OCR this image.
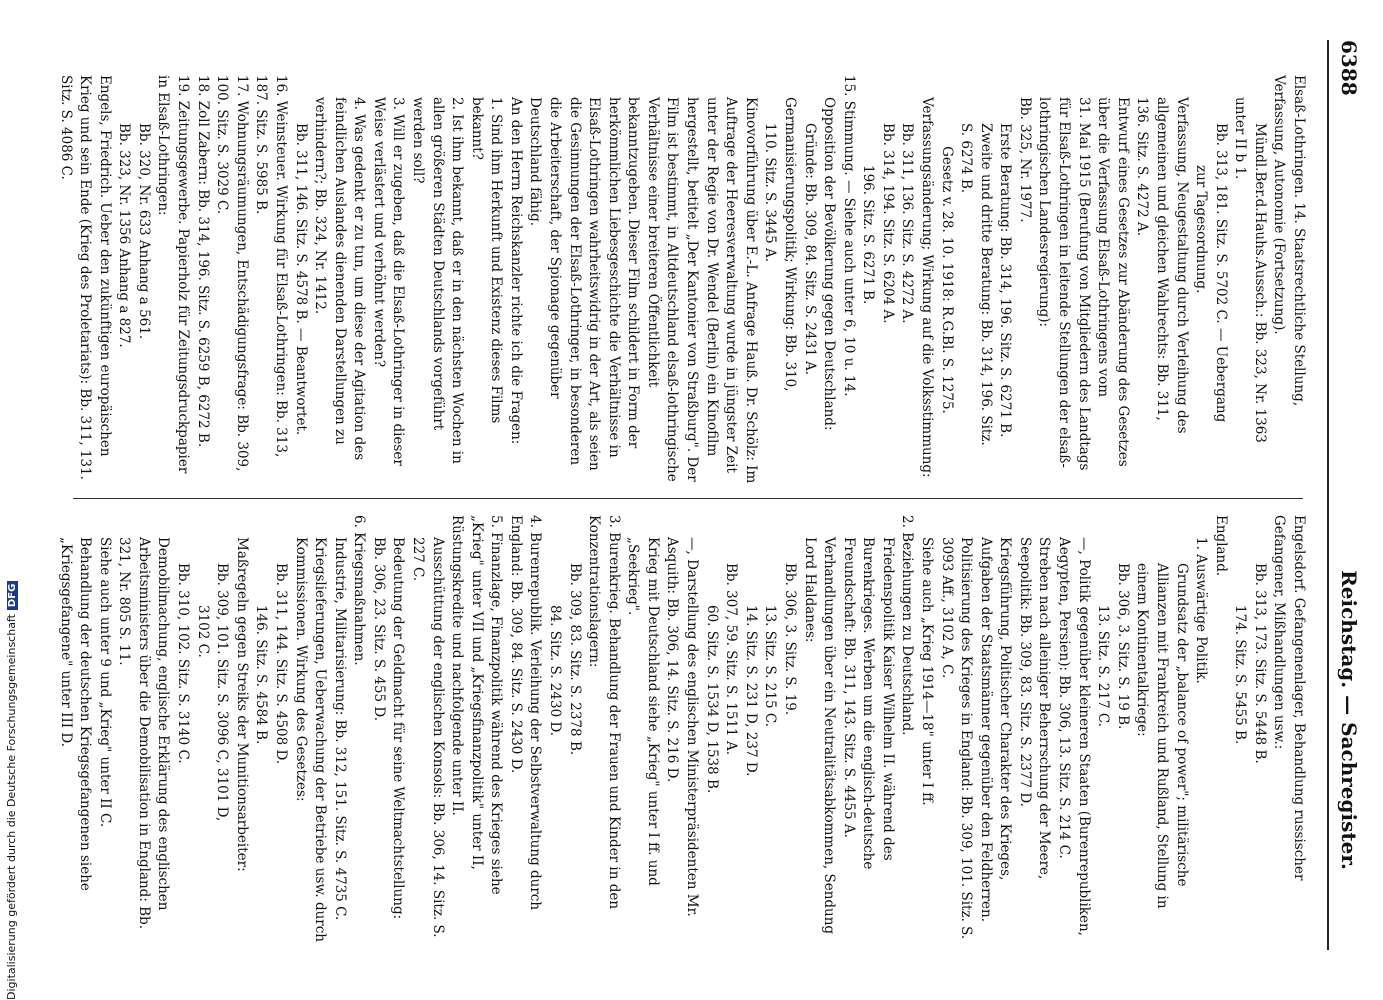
6388
Reichstag. — Sachregister.

Elsaß-Lothringen. 14. Staatsrechtliche Stellung, Verfassung, Autonomie (Fortsetzung).

Mündl.Ber.d.Hauhs.Aussch.: Bb. 323, Nr. 1363

unter II b 1.

Bb. 313, 181. Sitz. S. 5702 C. — Uebergang

zur Tagesordnung.

Verfassung, Neugestaltung durch Verleihung des allgemeinen und gleichen Wahlrechts: Bb. 311,

136. Sitz. S. 4272 A.

Entwurf eines Gesetzes zur Abänderung des Gesetzes über die Verfassung Elsaß-Lothringens vom

31. Mai 1915 (Berufung von Mitgliedern des Landtags für Elsaß-Lothringen in leitende Stellungen der elsaß-lothringischen Landesregierung):

Bb. 325, Nr. 1977.

Erste Beratung: Bb. 314, 196. Sitz. S. 6271 B.

Zweite und dritte Beratung: Bb. 314, 196. Sitz.

S. 6274 B.

Gesetz v. 28. 10. 1918: R.G.Bl. S. 1275.

Verfassungsänderung; Wirkung auf die Volksstimmung:

Bb. 311, 136. Sitz. S. 4272 A.

Bb. 314, 194. Sitz. S. 6204 A.

196. Sitz. S. 6271 B.

15. Stimmung. — Siehe auch unter 6, 10 u. 14.

Opposition der Bevölkerung gegen Deutschland:

Gründe: Bb. 309, 84. Sitz. S. 2431 A.

Germanisierungspolitik; Wirkung: Bb. 310,

110. Sitz. S. 3445 A.

Kinovorführung über E.-L. Anfrage Hauß. Dr. Schölz: Im Auftrage der Heeresverwaltung wurde in jüngster Zeit unter der Regie von Dr. Wendel (Berlin) ein Kinofilm hergestellt, betitelt „Der Kantonier von Straßburg". Der Film ist bestimmt, in Altdeutschland elsaß-lothringische Verhältnisse einer breiteren Öffentlichkeit bekanntzugeben. Dieser Film schildert in Form der herkömmlichen Liebesgeschichte die Verhältnisse in Elsaß-Lothringen wahrheitswidrig in der Art, als seien die Gesinnungen der Elsaß-Lothringer, in besonderen die Arbeiterschaft, der Spionage gegenüber Deutschland fähig.

An den Herrn Reichskanzler richte ich die Fragen:

1. Sind ihm Herkunft und Existenz dieses Films bekannt?

2. Ist ihm bekannt, daß er in den nächsten Wochen in allen größeren Städten Deutschlands vorgeführt werden soll?

3. Will er zugeben, daß die Elsaß-Lothringer in dieser Weise verlästert und verhöhnt werden?

4. Was gedenkt er zu tun, um diese der Agitation des feindlichen Auslandes dienenden Darstellungen zu verhindern?; Bb. 324, Nr. 1412.

Bb. 311, 146. Sitz. S. 4578 B. — Beantwortet.

16. Weinsteuer. Wirkung für Elsaß-Lothringen: Bb. 313, 187. Sitz. S. 5985 B.

17. Wohnungsräumungen, Entschädigungsfrage: Bb. 309, 100. Sitz. S. 3029 C.

18. Zoll Zabern: Bb. 314, 196. Sitz. S. 6259 B, 6272 B.

19. Zeitungsgewerbe. Papierholz für Zeitungsdruckpapier in Elsaß-Lothringen:

Bb. 320, Nr. 633 Anhang a 561.

Bb. 323, Nr. 1356 Anhang a 827.

Engels, Friedrich. Ueber den zukünftigen europäischen Krieg und sein Ende (Krieg des Proletariats): Bb. 311, 131. Sitz. S. 4086 C.

Engelsdorf. Gefangenenlager, Behandlung russischer Gefangener, Mißhandlungen usw.:

Bb. 313, 173. Sitz. S. 5448 B.

174. Sitz. S. 5455 B.

England.

1. Auswärtige Politik.

Grundsatz der „balance of power"; militärische Allianzen mit Frankreich und Rußland, Stellung in einem Kontinentalkriege:

Bb. 306, 3. Sitz. S. 19 B.

13. Sitz. S. 217 C.

—, Politik gegenüber kleineren Staaten (Burenrepubliken, Aegypten, Persien): Bb. 306, 13. Sitz. S. 214 C.

Streben nach alleiniger Beherrschung der Meere, Seepolitik: Bb. 309, 83. Sitz. S. 2377 D.

Kriegsführung, Politischer Charakter des Krieges, Aufgaben der Staatsmänner gegenüber den Feldherren. Politisierung des Krieges in England: Bb. 309, 101. Sitz. S. 3093 Aff., 3102 A, C.

Siehe auch „Krieg 1914—18" unter I ff.

2. Beziehungen zu Deutschland.

Friedenspolitik Kaiser Wilhelm II. während des Burenkrieges. Werben um die englisch-deutsche Freundschaft: Bb. 311, 143. Sitz. S. 4455 A.

Verhandlungen über ein Neutralitätsabkommen, Sendung Lord Haldanes:

Bb. 306, 3. Sitz. S. 19.

13. Sitz. S. 215 C.

14. Sitz. S. 231 D, 237 D.

Bb. 307, 59. Sitz. S. 1511 A.

60. Sitz. S. 1534 D, 1538 B.

—, Darstellung des englischen Ministerpräsidenten Mr. Asquith: Bb. 306, 14. Sitz. S. 216 D.

Krieg mit Deutschland siehe „Krieg" unter I ff. und „Seekrieg".

3. Burenkrieg. Behandlung der Frauen und Kinder in den Konzentrationslagern:

Bb. 309, 83. Sitz. S. 2378 B.

84. Sitz. S. 2430 D.

4. Burenrepublik. Verleihung der Selbstverwaltung durch England: Bb. 309, 84. Sitz. S. 2430 D.

5. Finanzlage, Finanzpolitik während des Krieges siehe „Krieg" unter VII und „Kriegsfinanzpolitik" unter II, Rüstungskredite und nachfolgende unter II.

Ausschüttung der englischen Konsols: Bb. 306, 14. Sitz. S. 227 C.

Bedeutung der Geldmacht für seine Weltmachtstellung: Bb. 306, 23. Sitz. S. 455 D.

6. Kriegsmaßnahmen.

Industrie, Militarisierung: Bb. 312, 151. Sitz. S. 4735 C.

Kriegslieferungen, Ueberwachung der Betriebe usw. durch Kommissionen. Wirkung des Gesetzes:

Bb. 311, 144. Sitz. S. 4508 D.

146. Sitz. S. 4584 B.

Maßregeln gegen Streiks der Munitionsarbeiter:

Bb. 309, 101. Sitz. S. 3096 C, 3101 D,

3102 C.

Bb. 310, 102. Sitz. S. 3140 C.

Demobilmachung, englische Erklärung des englischen Arbeitsministers über die Demobilisation in England: Bb. 321, Nr. 805 S. 11.

Siehe auch unter 9 und „Krieg" unter II C.

Behandlung der deutschen Kriegsgefangenen siehe „Kriegsgefangene" unter III D.

Digitalisierung gefördert durch die Deutsche ForschungsgemeinschaftDFG
